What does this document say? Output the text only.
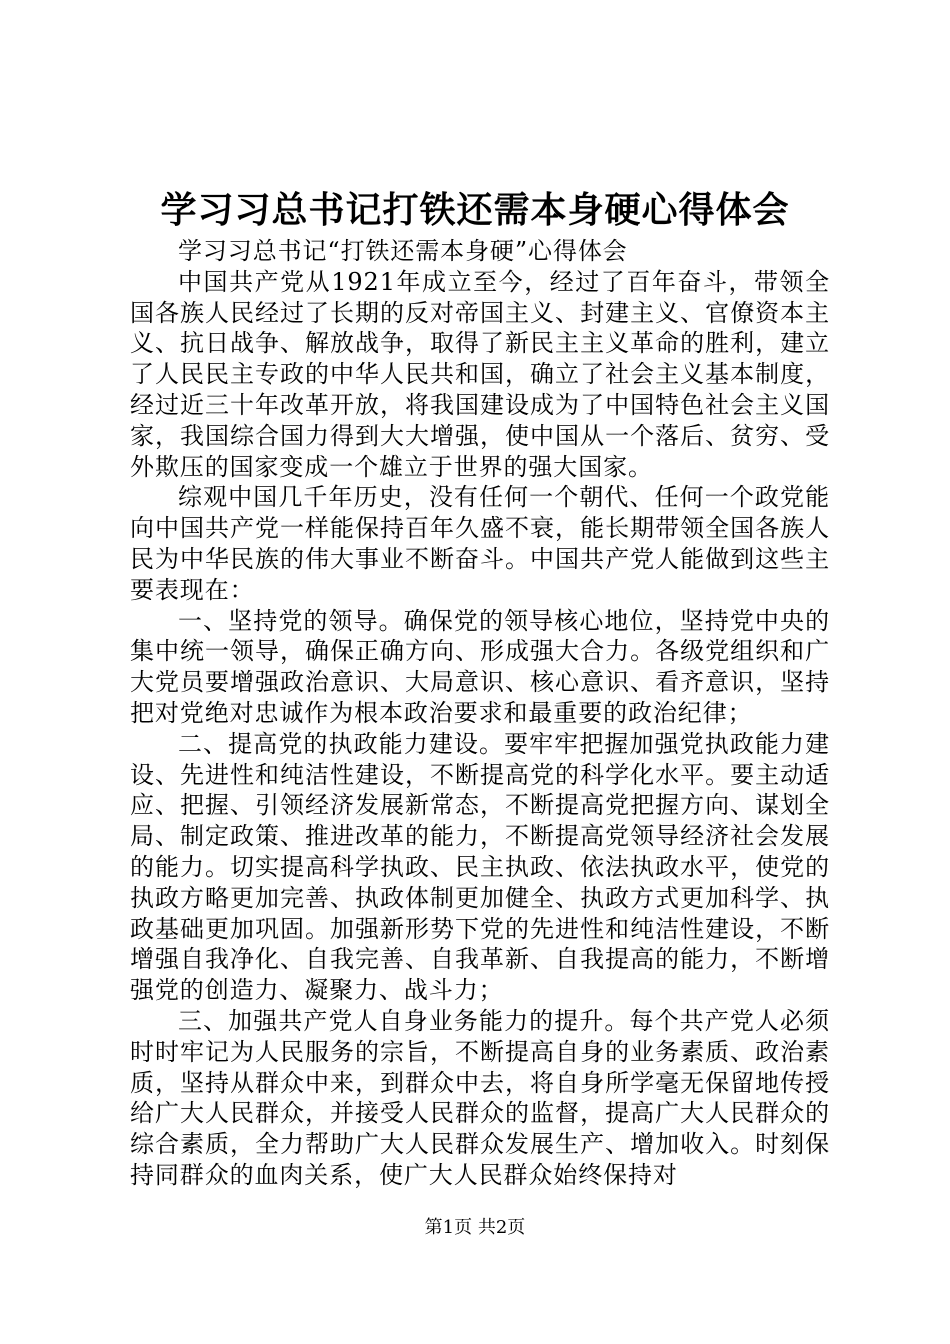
学习习总书记打铁还需本身硬心得体会

学习习总书记“打铁还需本身硬”心得体会

中国共产党从1921年成立至今，经过了百年奋斗，带领全国各族人民经过了长期的反对帝国主义、封建主义、官僚资本主义、抗日战争、解放战争，取得了新民主主义革命的胜利，建立了人民民主专政的中华人民共和国，确立了社会主义基本制度，经过近三十年改革开放，将我国建设成为了中国特色社会主义国家，我国综合国力得到大大增强，使中国从一个落后、贫穷、受外欺压的国家变成一个雄立于世界的强大国家。

综观中国几千年历史，没有任何一个朝代、任何一个政党能向中国共产党一样能保持百年久盛不衰，能长期带领全国各族人民为中华民族的伟大事业不断奋斗。中国共产党人能做到这些主要表现在：

一、坚持党的领导。确保党的领导核心地位，坚持党中央的集中统一领导，确保正确方向、形成强大合力。各级党组织和广大党员要增强政治意识、大局意识、核心意识、看齐意识，坚持把对党绝对忠诚作为根本政治要求和最重要的政治纪律；

二、提高党的执政能力建设。要牢牢把握加强党执政能力建设、先进性和纯洁性建设，不断提高党的科学化水平。要主动适应、把握、引领经济发展新常态，不断提高党把握方向、谋划全局、制定政策、推进改革的能力，不断提高党领导经济社会发展的能力。切实提高科学执政、民主执政、依法执政水平，使党的执政方略更加完善、执政体制更加健全、执政方式更加科学、执政基础更加巩固。加强新形势下党的先进性和纯洁性建设，不断增强自我净化、自我完善、自我革新、自我提高的能力，不断增强党的创造力、凝聚力、战斗力；

三、加强共产党人自身业务能力的提升。每个共产党人必须时时牢记为人民服务的宗旨，不断提高自身的业务素质、政治素质，坚持从群众中来，到群众中去，将自身所学毫无保留地传授给广大人民群众，并接受人民群众的监督，提高广大人民群众的综合素质，全力帮助广大人民群众发展生产、增加收入。时刻保持同群众的血肉关系，使广大人民群众始终保持对

第1页 共2页
